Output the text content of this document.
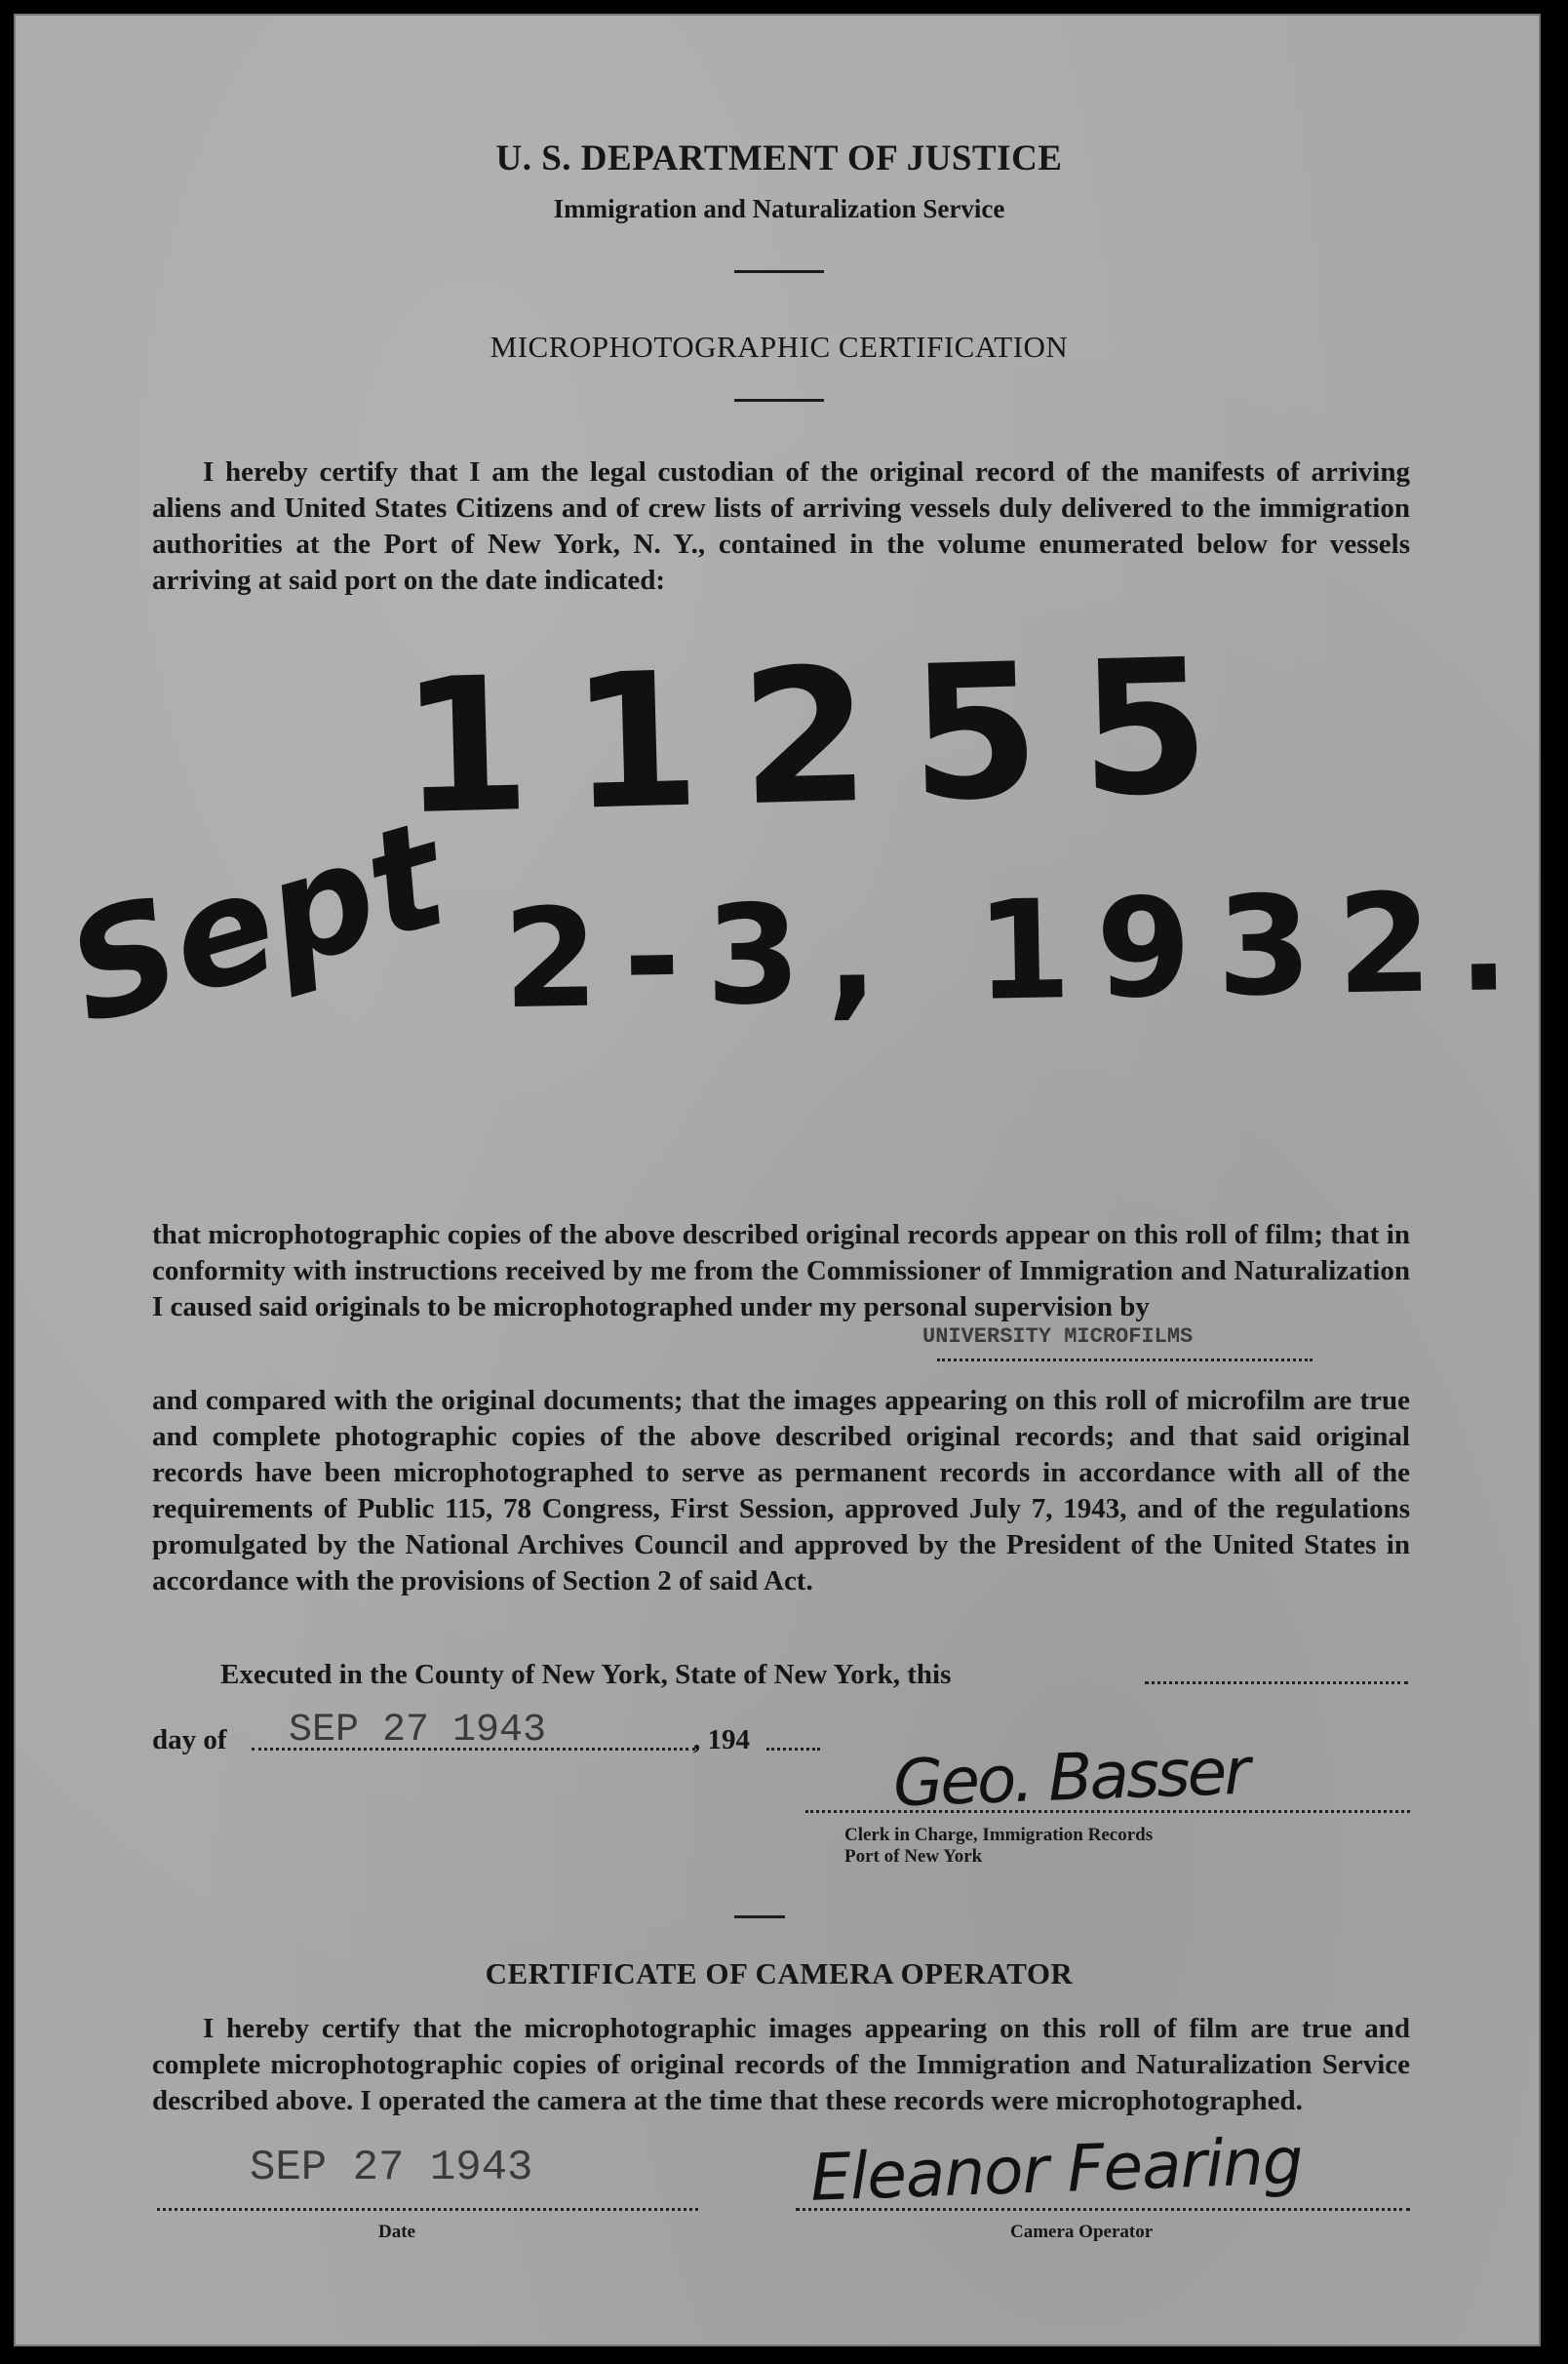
U. S. DEPARTMENT OF JUSTICE
Immigration and Naturalization Service
MICROPHOTOGRAPHIC CERTIFICATION
I hereby certify that I am the legal custodian of the original record of the manifests of arriving aliens and United States Citizens and of crew lists of arriving vessels duly delivered to the immigration authorities at the Port of New York, N. Y., contained in the volume enumerated below for vessels arriving at said port on the date indicated:
11255
Sept 2-3, 1932.
that microphotographic copies of the above described original records appear on this roll of film; that in conformity with instructions received by me from the Commissioner of Immigration and Naturalization I caused said originals to be microphotographed under my personal supervision by
UNIVERSITY MICROFILMS
and compared with the original documents; that the images appearing on this roll of microfilm are true and complete photographic copies of the above described original records; and that said original records have been microphotographed to serve as permanent records in accordance with all of the requirements of Public 115, 78 Congress, First Session, approved July 7, 1943, and of the regulations promulgated by the National Archives Council and approved by the President of the United States in accordance with the provisions of Section 2 of said Act.
Executed in the County of New York, State of New York, this
day of SEP 27 1943	, 194 Geo. Basser
Clerk in Charge, Immigration Records
Port of New York
CERTIFICATE OF CAMERA OPERATOR
I hereby certify that the microphotographic images appearing on this roll of film are true and complete microphotographic copies of original records of the Immigration and Naturalization Service described above. I operated the camera at the time that these records were microphotographed.
SEP 27 1943
Date
Eleanor Fearing
Camera Operator
